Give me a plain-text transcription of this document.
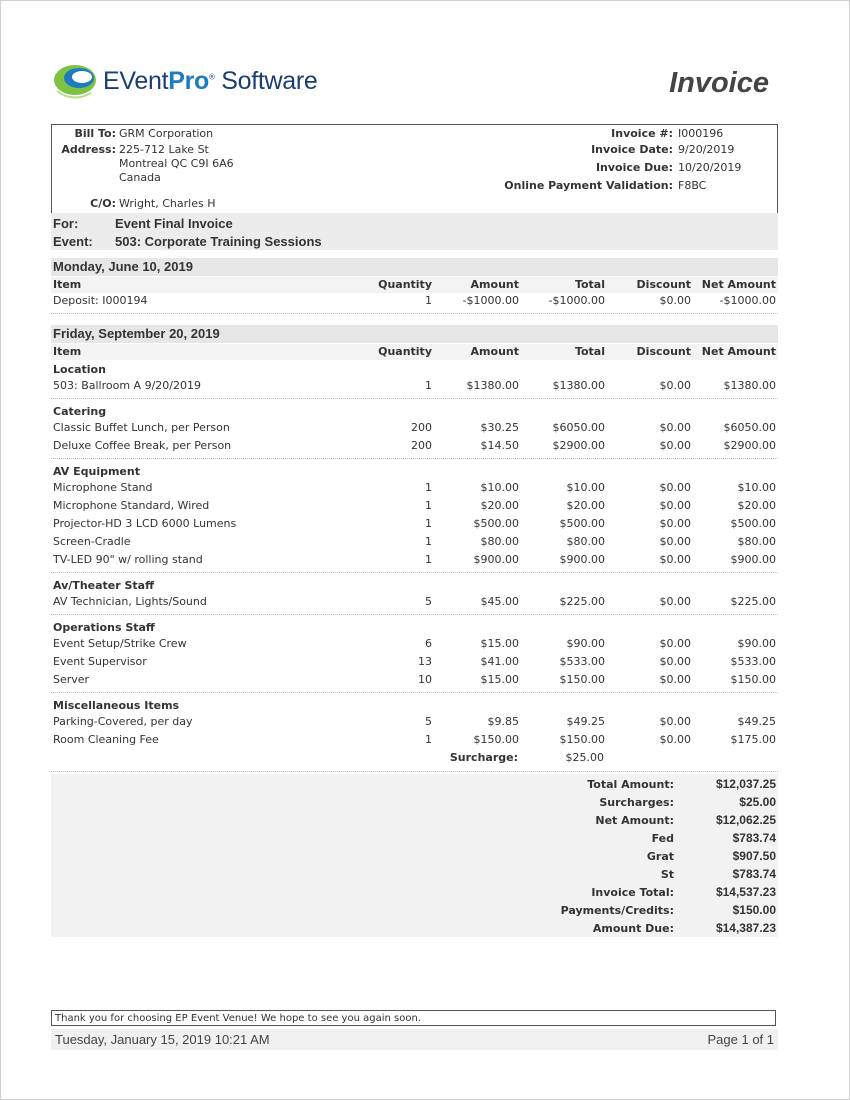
EVentPro® Software	Invoice
Bill To: GRM Corporation
Address: 225-712 Lake St
Montreal QC C9I 6A6
Canada
C/O: Wright, Charles H
Invoice #: I000196
Invoice Date: 9/20/2019
Invoice Due: 10/20/2019
Online Payment Validation: F8BC
For:	Event Final Invoice
Event: 503: Corporate Training Sessions
Monday, June 10, 2019
Item	Quantity	Amount	Total	Discount Net Amount
Deposit: I000194	1	-$1000.00	-$1000.00	$0.00	-$1000.00
Friday, September 20, 2019
Item	Quantity	Amount	Total	Discount Net Amount
Location
503: Ballroom A 9/20/2019	1	$1380.00	$1380.00	$0.00	$1380.00
Catering
Classic Buffet Lunch, per Person	200	$30.25	$6050.00	$0.00	$6050.00
Deluxe Coffee Break, per Person	200	$14.50	$2900.00	$0.00	$2900.00
AV Equipment
Microphone Stand	1	$10.00	$10.00	$0.00	$10.00
Microphone Standard, Wired	1	$20.00	$20.00	$0.00	$20.00
Projector-HD 3 LCD 6000 Lumens	1	$500.00	$500.00	$0.00	$500.00
Screen-Cradle	1	$80.00	$80.00	$0.00	$80.00
TV-LED 90" w/ rolling stand	1	$900.00	$900.00	$0.00	$900.00
Av/Theater Staff
AV Technician, Lights/Sound	5	$45.00	$225.00	$0.00	$225.00
Operations Staff
Event Setup/Strike Crew	6	$15.00	$90.00	$0.00	$90.00
Event Supervisor	13	$41.00	$533.00	$0.00	$533.00
Server	10	$15.00	$150.00	$0.00	$150.00
Miscellaneous Items
Parking-Covered, per day	5	$9.85	$49.25	$0.00	$49.25
Room Cleaning Fee	1	$150.00	$150.00	$0.00	$175.00
Surcharge:	$25.00
Total Amount:	$12,037.25
Surcharges:	$25.00
Net Amount:	$12,062.25
Fed	$783.74
Grat	$907.50
St	$783.74
Invoice Total:	$14,537.23
Payments/Credits:	$150.00
Amount Due:	$14,387.23
Thank you for choosing EP Event Venue! We hope to see you again soon.
Tuesday, January 15, 2019 10:21 AM	Page 1 of 1
